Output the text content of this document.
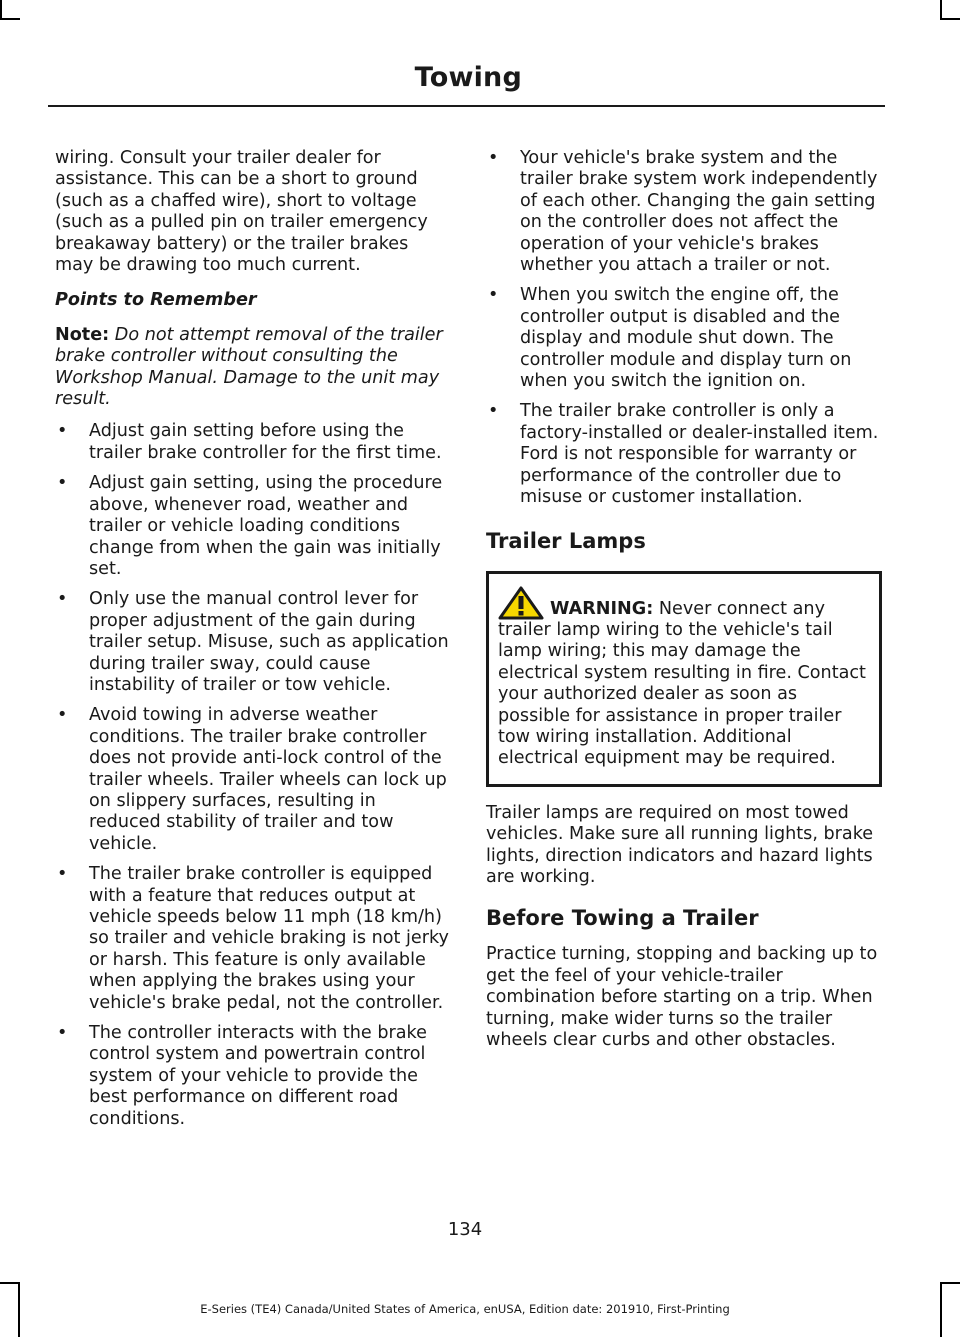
Towing

wiring. Consult your trailer dealer for assistance. This can be a short to ground (such as a chaffed wire), short to voltage (such as a pulled pin on trailer emergency breakaway battery) or the trailer brakes may be drawing too much current.

Points to Remember

Note: Do not attempt removal of the trailer brake controller without consulting the Workshop Manual. Damage to the unit may result.

• Adjust gain setting before using the trailer brake controller for the first time.
• Adjust gain setting, using the procedure above, whenever road, weather and trailer or vehicle loading conditions change from when the gain was initially set.
• Only use the manual control lever for proper adjustment of the gain during trailer setup. Misuse, such as application during trailer sway, could cause instability of trailer or tow vehicle.
• Avoid towing in adverse weather conditions. The trailer brake controller does not provide anti-lock control of the trailer wheels. Trailer wheels can lock up on slippery surfaces, resulting in reduced stability of trailer and tow vehicle.
• The trailer brake controller is equipped with a feature that reduces output at vehicle speeds below 11 mph (18 km/h) so trailer and vehicle braking is not jerky or harsh. This feature is only available when applying the brakes using your vehicle's brake pedal, not the controller.
• The controller interacts with the brake control system and powertrain control system of your vehicle to provide the best performance on different road conditions.
• Your vehicle's brake system and the trailer brake system work independently of each other. Changing the gain setting on the controller does not affect the operation of your vehicle's brakes whether you attach a trailer or not.
• When you switch the engine off, the controller output is disabled and the display and module shut down. The controller module and display turn on when you switch the ignition on.
• The trailer brake controller is only a factory-installed or dealer-installed item. Ford is not responsible for warranty or performance of the controller due to misuse or customer installation.
Trailer Lamps

WARNING: Never connect any trailer lamp wiring to the vehicle's tail lamp wiring; this may damage the electrical system resulting in fire. Contact your authorized dealer as soon as possible for assistance in proper trailer tow wiring installation. Additional electrical equipment may be required.

Trailer lamps are required on most towed vehicles. Make sure all running lights, brake lights, direction indicators and hazard lights are working.

Before Towing a Trailer

Practice turning, stopping and backing up to get the feel of your vehicle-trailer combination before starting on a trip. When turning, make wider turns so the trailer wheels clear curbs and other obstacles.

134
E-Series (TE4) Canada/United States of America, enUSA, Edition date: 201910, First-Printing
